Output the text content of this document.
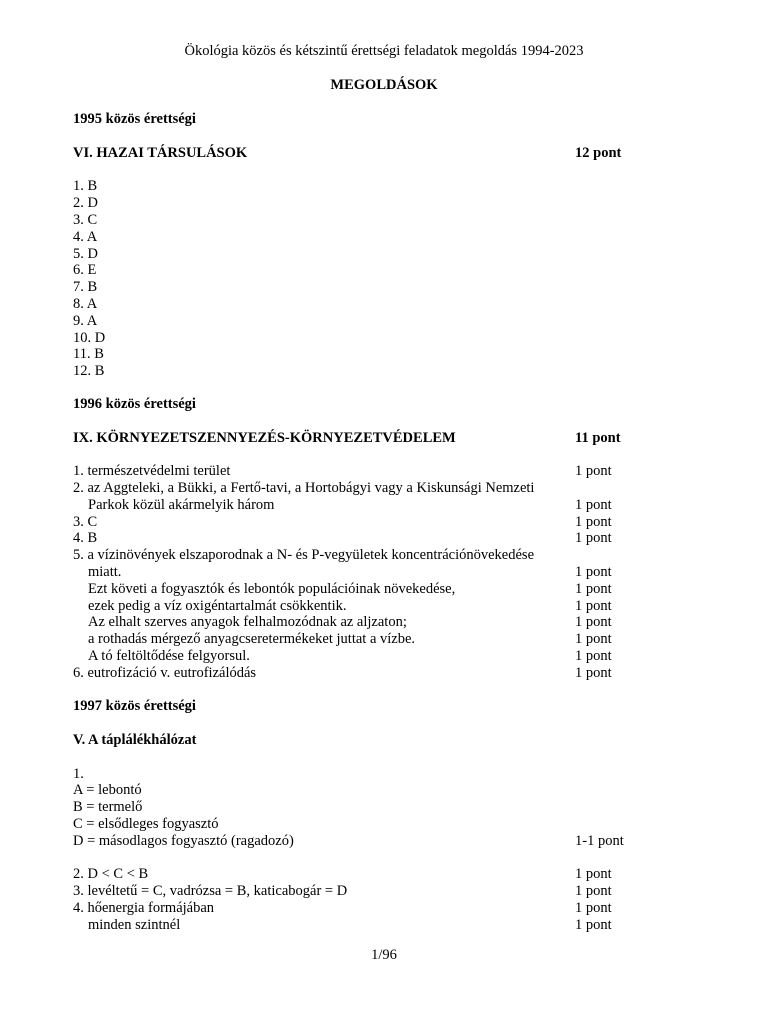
Ökológia közös és kétszintű érettségi feladatok megoldás 1994-2023
MEGOLDÁSOK
1995 közös érettségi
VI. HAZAI TÁRSULÁSOK	12 pont
1. B
2. D
3. C
4. A
5. D
6. E
7. B
8. A
9. A
10. D
11. B
12. B
1996 közös érettségi
IX. KÖRNYEZETSZENNYEZÉS-KÖRNYEZETVÉDELEM	11 pont
1. természetvédelmi terület	1 pont
2. az Aggteleki, a Bükki, a Fertő-tavi, a Hortobágyi vagy a Kiskunsági Nemzeti
Parkok közül akármelyik három	1 pont
3. C	1 pont
4. B	1 pont
5. a vízinövények elszaporodnak a N- és P-vegyületek koncentrációnövekedése
miatt.	1 pont
Ezt követi a fogyasztók és lebontók populációinak növekedése,	1 pont
ezek pedig a víz oxigéntartalmát csökkentik.	1 pont
Az elhalt szerves anyagok felhalmozódnak az aljzaton;	1 pont
a rothadás mérgező anyagcseretermékeket juttat a vízbe.	1 pont
A tó feltöltődése felgyorsul.	1 pont
6. eutrofizáció v. eutrofizálódás	1 pont
1997 közös érettségi
V. A táplálékhálózat
1.
A = lebontó
B = termelő
C = elsődleges fogyasztó
D = másodlagos fogyasztó (ragadozó)	1-1 pont
2. D < C < B	1 pont
3. levéltetű = C, vadrózsa = B, katicabogár = D	1 pont
4. hőenergia formájában	1 pont
minden szintnél	1 pont
1/96
